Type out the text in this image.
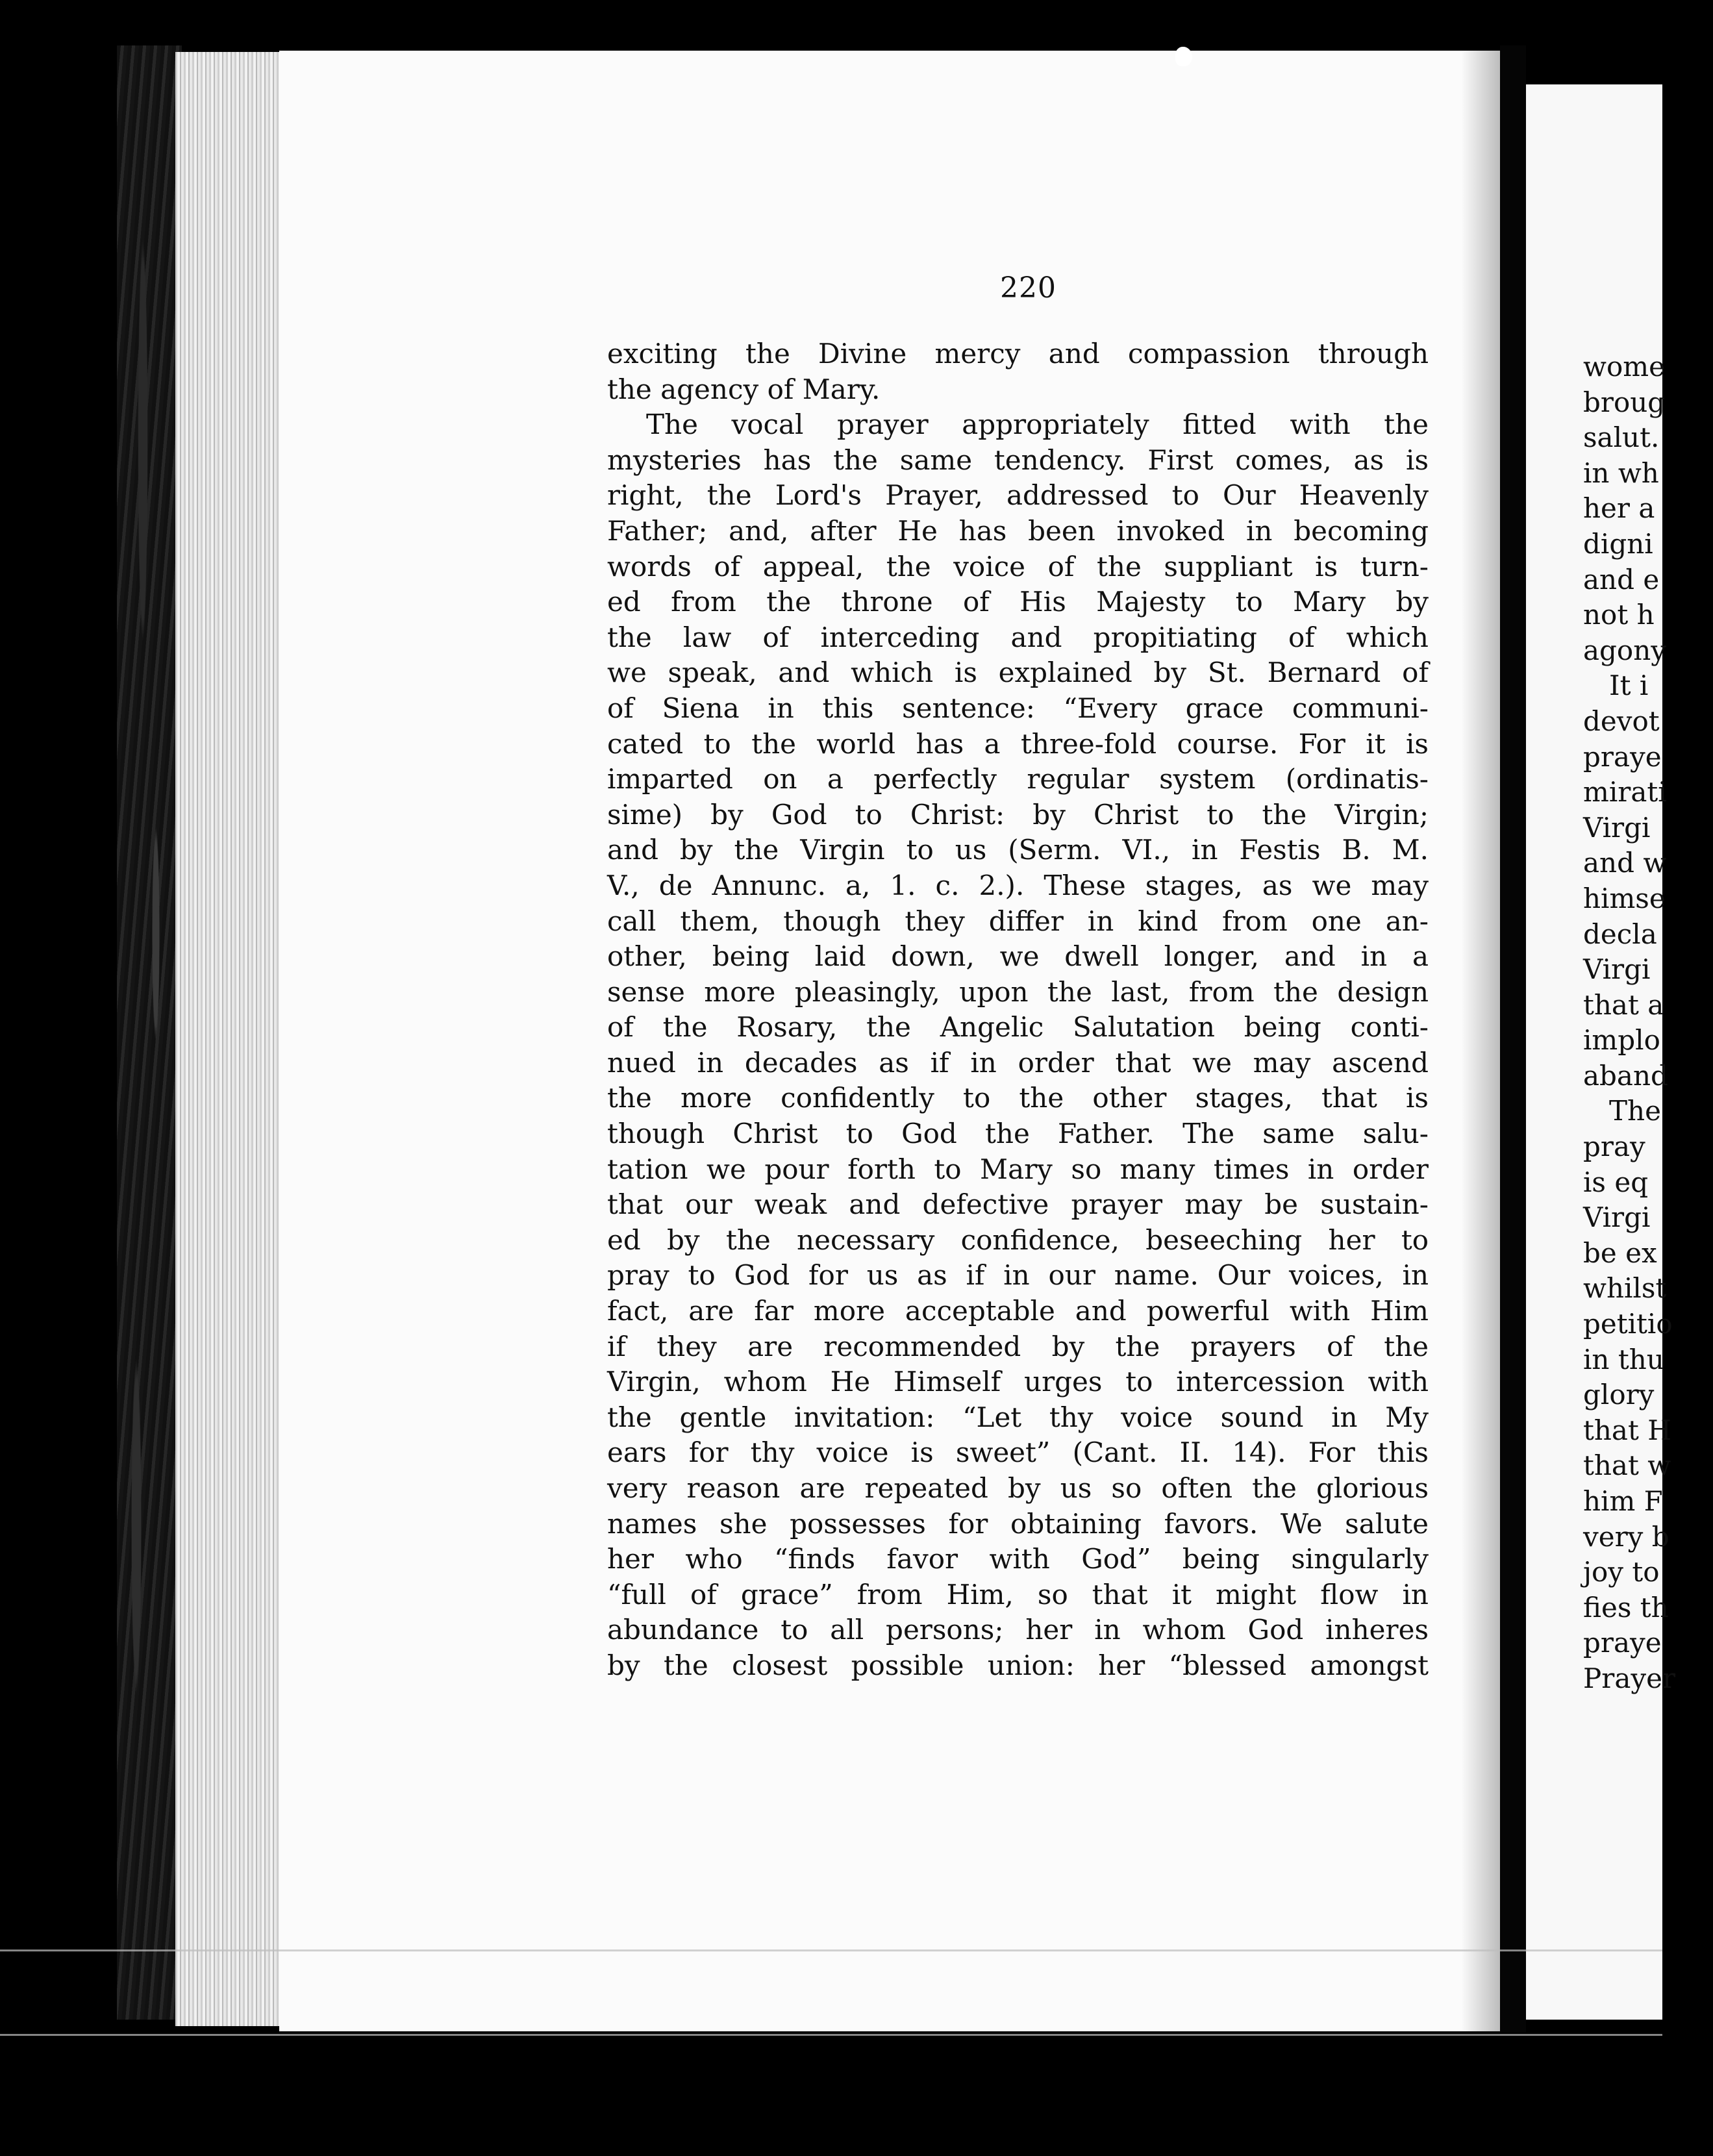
220
exciting the Divine mercy and compassion through
the agency of Mary.
The vocal prayer appropriately fitted with the
mysteries has the same tendency. First comes, as is
right, the Lord's Prayer, addressed to Our Heavenly
Father; and, after He has been invoked in becoming
words of appeal, the voice of the suppliant is turn-
ed from the throne of His Majesty to Mary by
the law of interceding and propitiating of which
we speak, and which is explained by St. Bernard of
of Siena in this sentence: “Every grace communi-
cated to the world has a three-fold course. For it is
imparted on a perfectly regular system (ordinatis-
sime) by God to Christ: by Christ to the Virgin;
and by the Virgin to us (Serm. VI., in Festis B. M.
V., de Annunc. a, 1. c. 2.). These stages, as we may
call them, though they differ in kind from one an-
other, being laid down, we dwell longer, and in a
sense more pleasingly, upon the last, from the design
of the Rosary, the Angelic Salutation being conti-
nued in decades as if in order that we may ascend
the more confidently to the other stages, that is
though Christ to God the Father. The same salu-
tation we pour forth to Mary so many times in order
that our weak and defective prayer may be sustain-
ed by the necessary confidence, beseeching her to
pray to God for us as if in our name. Our voices, in
fact, are far more acceptable and powerful with Him
if they are recommended by the prayers of the
Virgin, whom He Himself urges to intercession with
the gentle invitation: “Let thy voice sound in My
ears for thy voice is sweet” (Cant. II. 14). For this
very reason are repeated by us so often the glorious
names she possesses for obtaining favors. We salute
her who “finds favor with God” being singularly
“full of grace” from Him, so that it might flow in
abundance to all persons; her in whom God inheres
by the closest possible union: her “blessed amongst
wome
broug
salut.
in wh
her a
digni
and e
not h
agony
It i
devot
praye
mirati
Virgi
and w
himse
decla
Virgi
that a
implo
aband
The
pray
is eq
Virgi
be ex
whilst
petitio
in thu
glory
that H
that w
him F
very b
joy to
fies th
praye
Prayer
